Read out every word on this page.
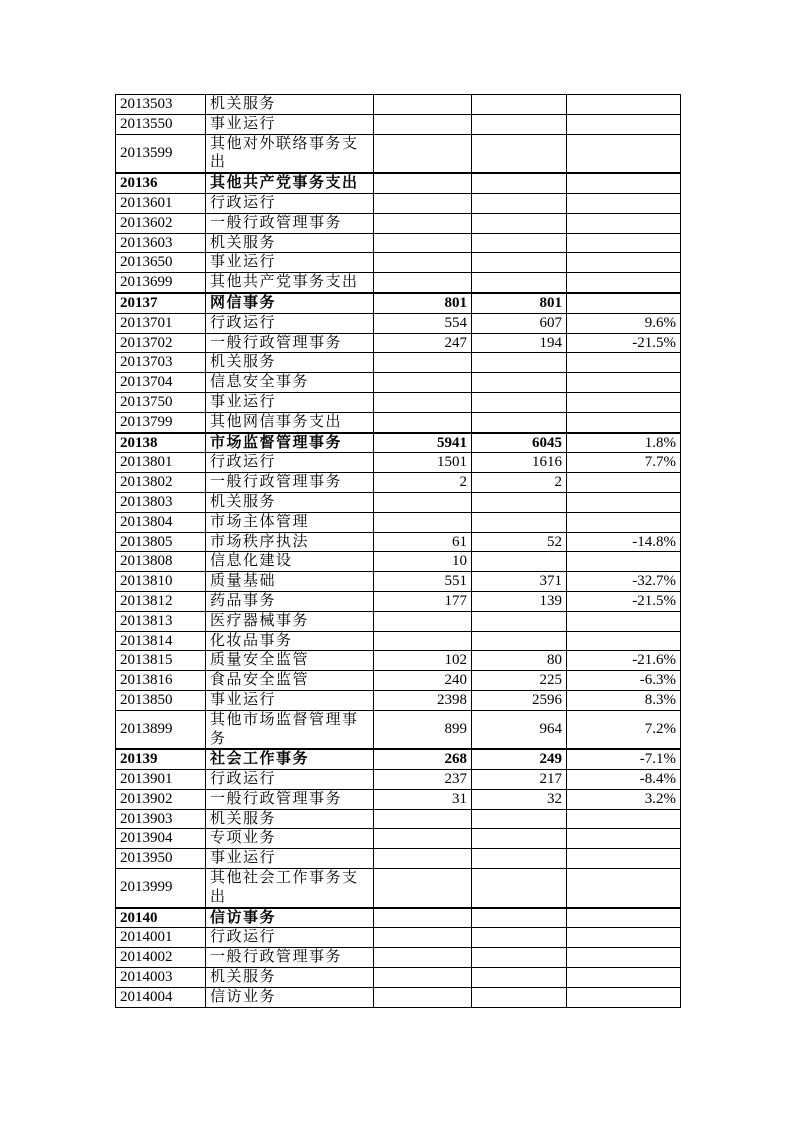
2013503	机关服务			
2013550	事业运行			
2013599	其他对外联络事务支出			
20136	其他共产党事务支出			
2013601	行政运行			
2013602	一般行政管理事务			
2013603	机关服务			
2013650	事业运行			
2013699	其他共产党事务支出			
20137	网信事务	801	801	
2013701	行政运行	554	607	9.6%
2013702	一般行政管理事务	247	194	-21.5%
2013703	机关服务			
2013704	信息安全事务			
2013750	事业运行			
2013799	其他网信事务支出			
20138	市场监督管理事务	5941	6045	1.8%
2013801	行政运行	1501	1616	7.7%
2013802	一般行政管理事务	2	2	
2013803	机关服务			
2013804	市场主体管理			
2013805	市场秩序执法	61	52	-14.8%
2013808	信息化建设	10		
2013810	质量基础	551	371	-32.7%
2013812	药品事务	177	139	-21.5%
2013813	医疗器械事务			
2013814	化妆品事务			
2013815	质量安全监管	102	80	-21.6%
2013816	食品安全监管	240	225	-6.3%
2013850	事业运行	2398	2596	8.3%
2013899	其他市场监督管理事务	899	964	7.2%
20139	社会工作事务	268	249	-7.1%
2013901	行政运行	237	217	-8.4%
2013902	一般行政管理事务	31	32	3.2%
2013903	机关服务			
2013904	专项业务			
2013950	事业运行			
2013999	其他社会工作事务支出			
20140	信访事务			
2014001	行政运行			
2014002	一般行政管理事务			
2014003	机关服务			
2014004	信访业务			
